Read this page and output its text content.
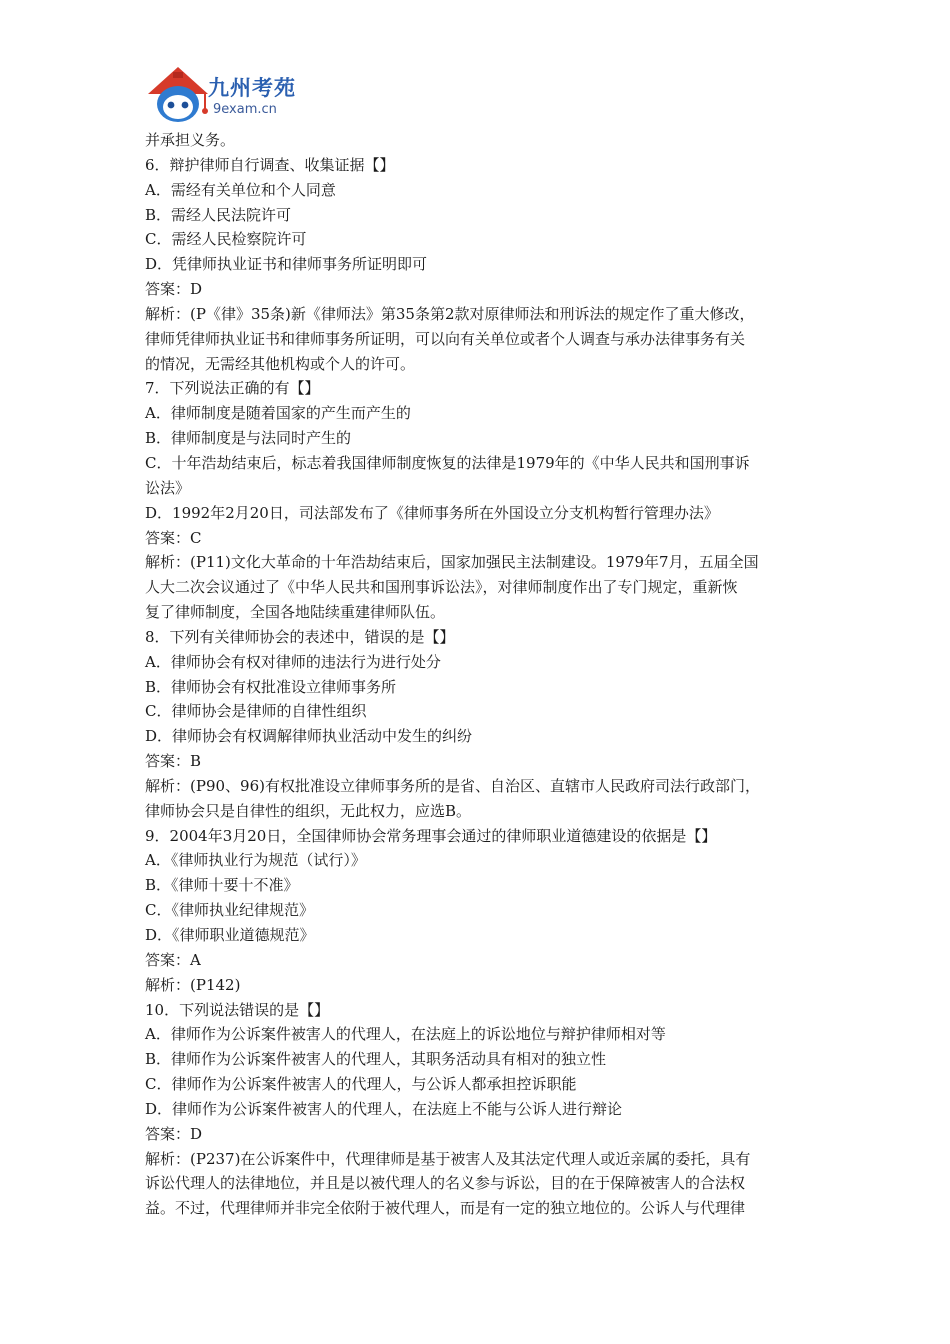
九州考苑
9exam.cn
并承担义务。
6．辩护律师自行调查、收集证据【】
A．需经有关单位和个人同意
B．需经人民法院许可
C．需经人民检察院许可
D．凭律师执业证书和律师事务所证明即可
答案：D
解析：(P《律》35条)新《律师法》第35条第2款对原律师法和刑诉法的规定作了重大修改，
律师凭律师执业证书和律师事务所证明，可以向有关单位或者个人调查与承办法律事务有关
的情况，无需经其他机构或个人的许可。
7．下列说法正确的有【】
A．律师制度是随着国家的产生而产生的
B．律师制度是与法同时产生的
C．十年浩劫结束后，标志着我国律师制度恢复的法律是1979年的《中华人民共和国刑事诉
讼法》
D．1992年2月20日，司法部发布了《律师事务所在外国设立分支机构暂行管理办法》
答案：C
解析：(P11)文化大革命的十年浩劫结束后，国家加强民主法制建设。1979年7月，五届全国
人大二次会议通过了《中华人民共和国刑事诉讼法》，对律师制度作出了专门规定，重新恢
复了律师制度，全国各地陆续重建律师队伍。
8．下列有关律师协会的表述中，错误的是【】
A．律师协会有权对律师的违法行为进行处分
B．律师协会有权批准设立律师事务所
C．律师协会是律师的自律性组织
D．律师协会有权调解律师执业活动中发生的纠纷
答案：B
解析：(P90、96)有权批准设立律师事务所的是省、自治区、直辖市人民政府司法行政部门，
律师协会只是自律性的组织，无此权力，应选B。
9．2004年3月20日，全国律师协会常务理事会通过的律师职业道德建设的依据是【】
A．《律师执业行为规范（试行）》
B．《律师十要十不准》
C．《律师执业纪律规范》
D．《律师职业道德规范》
答案：A
解析：(P142)
10．下列说法错误的是【】
A．律师作为公诉案件被害人的代理人，在法庭上的诉讼地位与辩护律师相对等
B．律师作为公诉案件被害人的代理人，其职务活动具有相对的独立性
C．律师作为公诉案件被害人的代理人，与公诉人都承担控诉职能
D．律师作为公诉案件被害人的代理人，在法庭上不能与公诉人进行辩论
答案：D
解析：(P237)在公诉案件中，代理律师是基于被害人及其法定代理人或近亲属的委托，具有
诉讼代理人的法律地位，并且是以被代理人的名义参与诉讼，目的在于保障被害人的合法权
益。不过，代理律师并非完全依附于被代理人，而是有一定的独立地位的。公诉人与代理律
